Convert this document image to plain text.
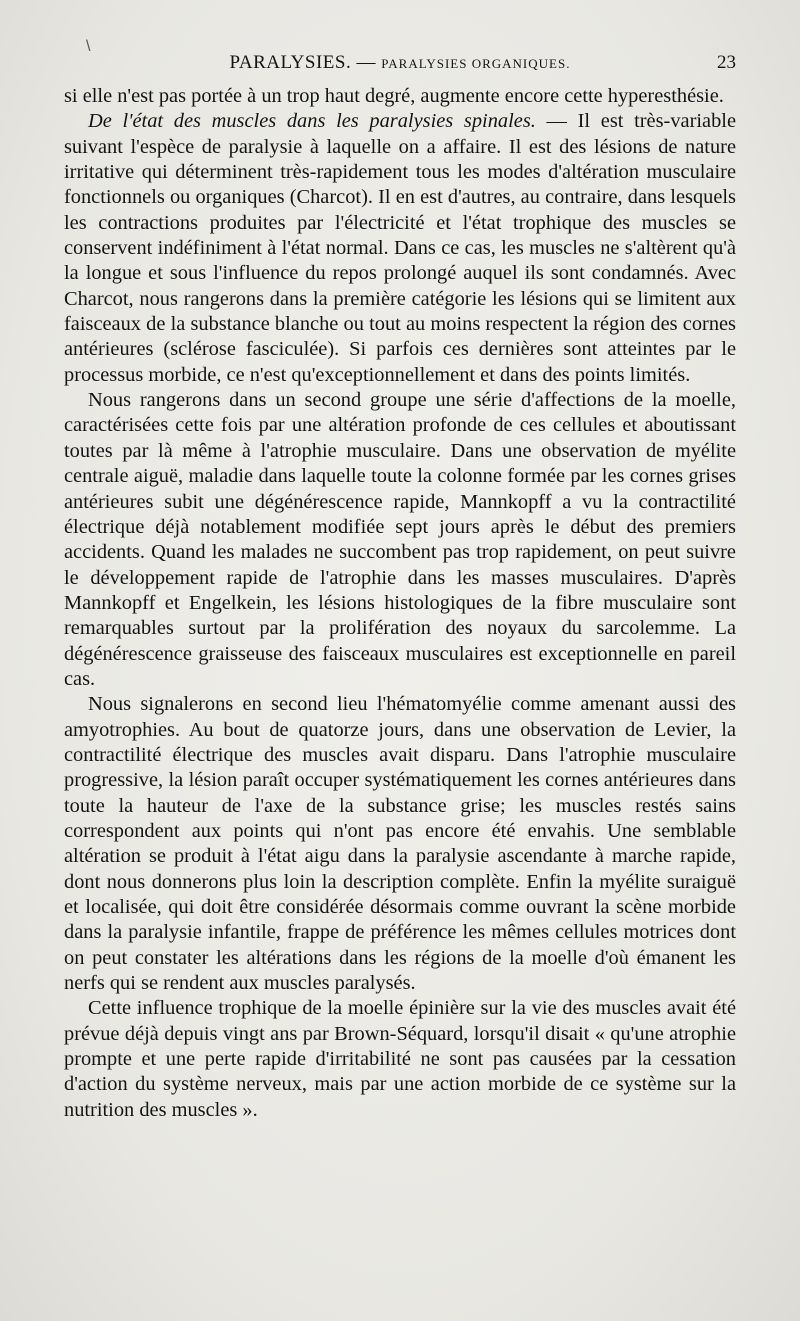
\
PARALYSIES. — PARALYSIES ORGANIQUES.	23

si elle n'est pas portée à un trop haut degré, augmente encore cette hyperesthésie.

De l'état des muscles dans les paralysies spinales. — Il est très-variable suivant l'espèce de paralysie à laquelle on a affaire. Il est des lésions de nature irritative qui déterminent très-rapidement tous les modes d'altération musculaire fonctionnels ou organiques (Charcot). Il en est d'autres, au contraire, dans lesquels les contractions produites par l'électricité et l'état trophique des muscles se conservent indéfiniment à l'état normal. Dans ce cas, les muscles ne s'altèrent qu'à la longue et sous l'influence du repos prolongé auquel ils sont condamnés. Avec Charcot, nous rangerons dans la première catégorie les lésions qui se limitent aux faisceaux de la substance blanche ou tout au moins respectent la région des cornes antérieures (sclérose fasciculée). Si parfois ces dernières sont atteintes par le processus morbide, ce n'est qu'exceptionnellement et dans des points limités.

Nous rangerons dans un second groupe une série d'affections de la moelle, caractérisées cette fois par une altération profonde de ces cellules et aboutissant toutes par là même à l'atrophie musculaire. Dans une observation de myélite centrale aiguë, maladie dans laquelle toute la colonne formée par les cornes grises antérieures subit une dégénérescence rapide, Mannkopff a vu la contractilité électrique déjà notablement modifiée sept jours après le début des premiers accidents. Quand les malades ne succombent pas trop rapidement, on peut suivre le développement rapide de l'atrophie dans les masses musculaires. D'après Mannkopff et Engelkein, les lésions histologiques de la fibre musculaire sont remarquables surtout par la prolifération des noyaux du sarcolemme. La dégénérescence graisseuse des faisceaux musculaires est exceptionnelle en pareil cas.

Nous signalerons en second lieu l'hématomyélie comme amenant aussi des amyotrophies. Au bout de quatorze jours, dans une observation de Levier, la contractilité électrique des muscles avait disparu. Dans l'atrophie musculaire progressive, la lésion paraît occuper systématiquement les cornes antérieures dans toute la hauteur de l'axe de la substance grise; les muscles restés sains correspondent aux points qui n'ont pas encore été envahis. Une semblable altération se produit à l'état aigu dans la paralysie ascendante à marche rapide, dont nous donnerons plus loin la description complète. Enfin la myélite suraiguë et localisée, qui doit être considérée désormais comme ouvrant la scène morbide dans la paralysie infantile, frappe de préférence les mêmes cellules motrices dont on peut constater les altérations dans les régions de la moelle d'où émanent les nerfs qui se rendent aux muscles paralysés.

Cette influence trophique de la moelle épinière sur la vie des muscles avait été prévue déjà depuis vingt ans par Brown-Séquard, lorsqu'il disait « qu'une atrophie prompte et une perte rapide d'irritabilité ne sont pas causées par la cessation d'action du système nerveux, mais par une action morbide de ce système sur la nutrition des muscles ».
